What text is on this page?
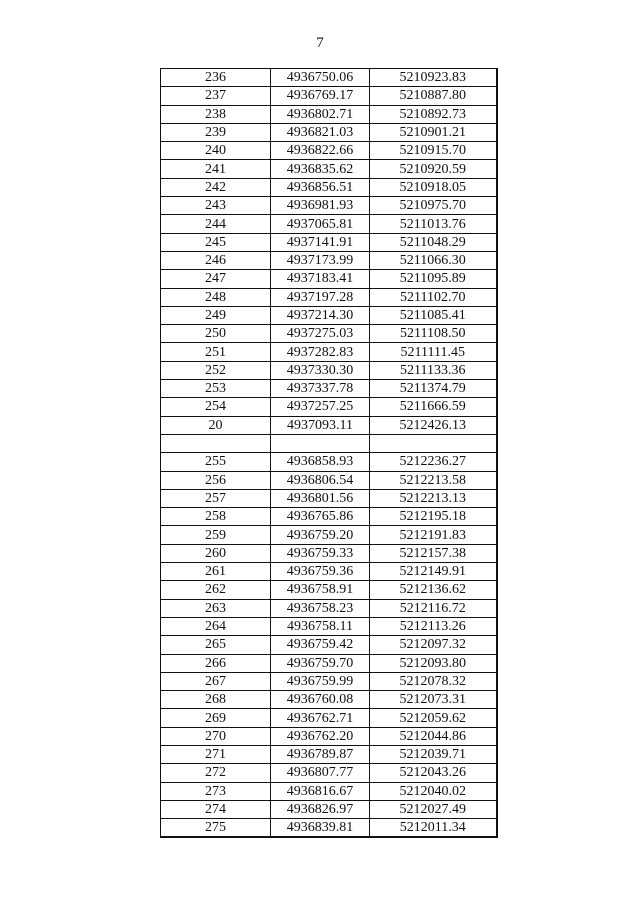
7
236	4936750.06	5210923.83
237	4936769.17	5210887.80
238	4936802.71	5210892.73
239	4936821.03	5210901.21
240	4936822.66	5210915.70
241	4936835.62	5210920.59
242	4936856.51	5210918.05
243	4936981.93	5210975.70
244	4937065.81	5211013.76
245	4937141.91	5211048.29
246	4937173.99	5211066.30
247	4937183.41	5211095.89
248	4937197.28	5211102.70
249	4937214.30	5211085.41
250	4937275.03	5211108.50
251	4937282.83	5211111.45
252	4937330.30	5211133.36
253	4937337.78	5211374.79
254	4937257.25	5211666.59
20	4937093.11	5212426.13

255	4936858.93	5212236.27
256	4936806.54	5212213.58
257	4936801.56	5212213.13
258	4936765.86	5212195.18
259	4936759.20	5212191.83
260	4936759.33	5212157.38
261	4936759.36	5212149.91
262	4936758.91	5212136.62
263	4936758.23	5212116.72
264	4936758.11	5212113.26
265	4936759.42	5212097.32
266	4936759.70	5212093.80
267	4936759.99	5212078.32
268	4936760.08	5212073.31
269	4936762.71	5212059.62
270	4936762.20	5212044.86
271	4936789.87	5212039.71
272	4936807.77	5212043.26
273	4936816.67	5212040.02
274	4936826.97	5212027.49
275	4936839.81	5212011.34
